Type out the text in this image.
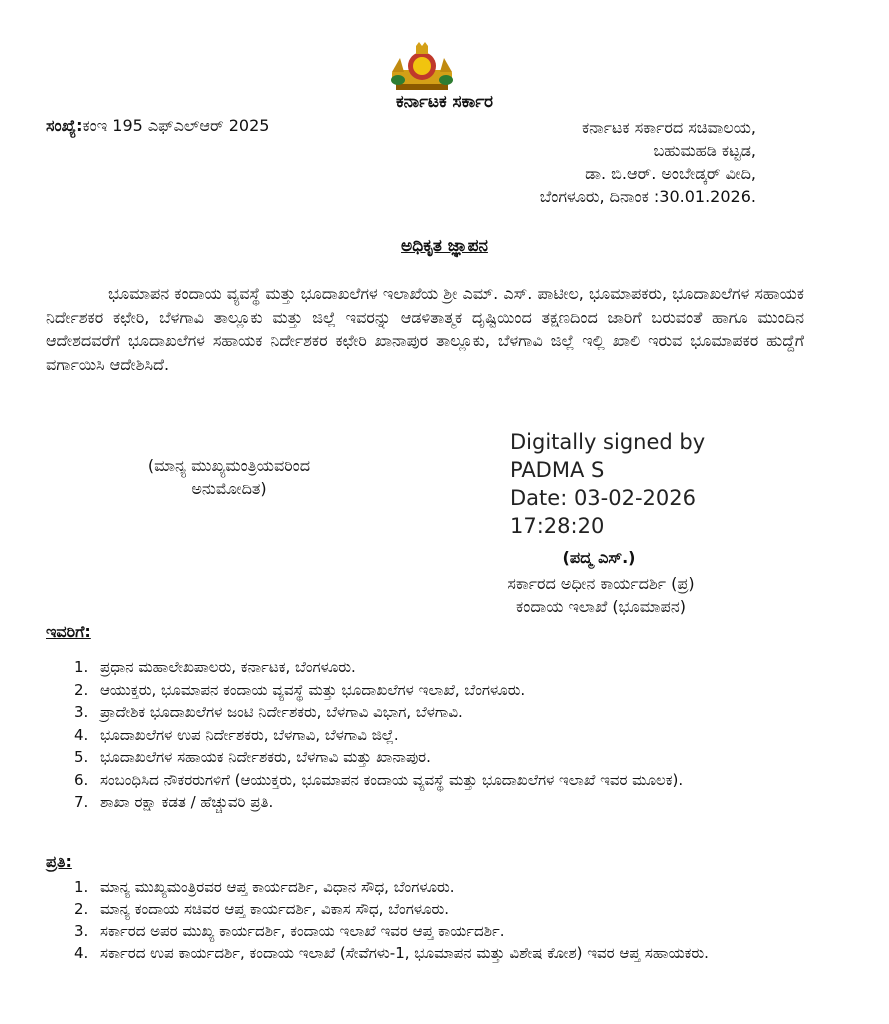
ಕರ್ನಾಟಕ ಸರ್ಕಾರ
ಸಂಖ್ಯೆ:ಕಂಇ 195 ಎಫ್‌ಎಲ್‌ಆರ್ 2025	ಕರ್ನಾಟಕ ಸರ್ಕಾರದ ಸಚಿವಾಲಯ,
ಬಹುಮಹಡಿ ಕಟ್ಟಡ,
ಡಾ. ಬಿ.ಆರ್. ಅಂಬೇಡ್ಕರ್ ವೀದಿ,
ಬೆಂಗಳೂರು, ದಿನಾಂಕ :30.01.2026.
ಅಧಿಕೃತ ಜ್ಞಾಪನ
ಭೂಮಾಪನ ಕಂದಾಯ ವ್ಯವಸ್ಥೆ ಮತ್ತು ಭೂದಾಖಲೆಗಳ ಇಲಾಖೆಯ ಶ್ರೀ ಎಮ್. ಎಸ್. ಪಾಟೀಲ, ಭೂಮಾಪಕರು, ಭೂದಾಖಲೆಗಳ ಸಹಾಯಕ ನಿರ್ದೇಶಕರ ಕಛೇರಿ, ಬೆಳಗಾವಿ ತಾಲ್ಲೂಕು ಮತ್ತು ಜಿಲ್ಲೆ ಇವರನ್ನು ಆಡಳಿತಾತ್ಮಕ ದೃಷ್ಟಿಯಿಂದ ತಕ್ಷಣದಿಂದ ಜಾರಿಗೆ ಬರುವಂತೆ ಹಾಗೂ ಮುಂದಿನ ಆದೇಶದವರೆಗೆ ಭೂದಾಖಲೆಗಳ ಸಹಾಯಕ ನಿರ್ದೇಶಕರ ಕಛೇರಿ ಖಾನಾಪುರ ತಾಲ್ಲೂಕು, ಬೆಳಗಾವಿ ಜಿಲ್ಲೆ ಇಲ್ಲಿ ಖಾಲಿ ಇರುವ ಭೂಮಾಪಕರ ಹುದ್ದೆಗೆ ವರ್ಗಾಯಿಸಿ ಆದೇಶಿಸಿದೆ.
(ಮಾನ್ಯ ಮುಖ್ಯಮಂತ್ರಿಯವರಿಂದ
ಅನುಮೋದಿತ)
Digitally signed by
PADMA S
Date: 03-02-2026
17:28:20
(ಪದ್ಮ ಎಸ್.)
ಸರ್ಕಾರದ ಅಧೀನ ಕಾರ್ಯದರ್ಶಿ (ಪ್ರ)
ಕಂದಾಯ ಇಲಾಖೆ (ಭೂಮಾಪನ)
ಇವರಿಗೆ:
1. ಪ್ರಧಾನ ಮಹಾಲೇಖಪಾಲರು, ಕರ್ನಾಟಕ, ಬೆಂಗಳೂರು.
2. ಆಯುಕ್ತರು, ಭೂಮಾಪನ ಕಂದಾಯ ವ್ಯವಸ್ಥೆ ಮತ್ತು ಭೂದಾಖಲೆಗಳ ಇಲಾಖೆ, ಬೆಂಗಳೂರು.
3. ಪ್ರಾದೇಶಿಕ ಭೂದಾಖಲೆಗಳ ಜಂಟಿ ನಿರ್ದೇಶಕರು, ಬೆಳಗಾವಿ ವಿಭಾಗ, ಬೆಳಗಾವಿ.
4. ಭೂದಾಖಲೆಗಳ ಉಪ ನಿರ್ದೇಶಕರು, ಬೆಳಗಾವಿ, ಬೆಳಗಾವಿ ಜಿಲ್ಲೆ.
5. ಭೂದಾಖಲೆಗಳ ಸಹಾಯಕ ನಿರ್ದೇಶಕರು, ಬೆಳಗಾವಿ ಮತ್ತು ಖಾನಾಪುರ.
6. ಸಂಬಂಧಿಸಿದ ನೌಕರರುಗಳಿಗೆ (ಆಯುಕ್ತರು, ಭೂಮಾಪನ ಕಂದಾಯ ವ್ಯವಸ್ಥೆ ಮತ್ತು ಭೂದಾಖಲೆಗಳ ಇಲಾಖೆ ಇವರ ಮೂಲಕ).
7. ಶಾಖಾ ರಕ್ಷಾ ಕಡತ / ಹೆಚ್ಚುವರಿ ಪ್ರತಿ.
ಪ್ರತಿ:
1. ಮಾನ್ಯ ಮುಖ್ಯಮಂತ್ರಿರವರ ಆಪ್ತ ಕಾರ್ಯದರ್ಶಿ, ವಿಧಾನ ಸೌಧ, ಬೆಂಗಳೂರು.
2. ಮಾನ್ಯ ಕಂದಾಯ ಸಚಿವರ ಆಪ್ತ ಕಾರ್ಯದರ್ಶಿ, ವಿಕಾಸ ಸೌಧ, ಬೆಂಗಳೂರು.
3. ಸರ್ಕಾರದ ಅಪರ ಮುಖ್ಯ ಕಾರ್ಯದರ್ಶಿ, ಕಂದಾಯ ಇಲಾಖೆ ಇವರ ಆಪ್ತ ಕಾರ್ಯದರ್ಶಿ.
4. ಸರ್ಕಾರದ ಉಪ ಕಾರ್ಯದರ್ಶಿ, ಕಂದಾಯ ಇಲಾಖೆ (ಸೇವೆಗಳು-1, ಭೂಮಾಪನ ಮತ್ತು ವಿಶೇಷ ಕೋಶ) ಇವರ ಆಪ್ತ ಸಹಾಯಕರು.
